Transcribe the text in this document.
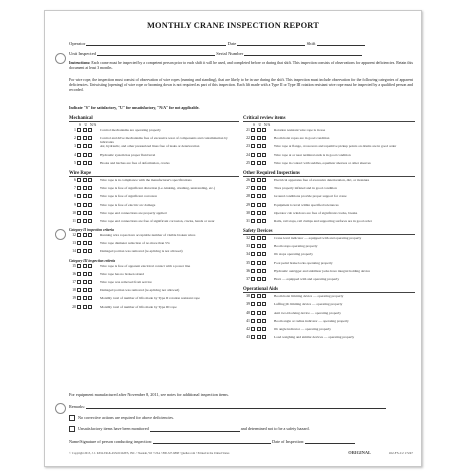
MONTHLY CRANE INSPECTION REPORT
Operator	Date	Shift
Unit Inspected	Serial Number
Instructions: Each crane must be inspected by a competent person prior to each shift it will be used, and completed before or during that shift. This inspection consists of observations for apparent deficiencies. Retain this document at least 3 months.
For wire rope, the inspection must consist of observation of wire ropes (running and standing), that are likely to be in use during the shift. This inspection must include observation for the following categories of apparent deficiencies. Untwisting (opening) of wire rope or booming down is not required as part of this inspection. Each lift made with a Type II or Type III rotation resistant wire rope must be inspected by a qualified person and recorded.
Indicate "S" for satisfactory, "U" for unsatisfactory, "N/A" for not applicable.
Mechanical
S U N/A
1	Control mechanisms are operating properly
2	Control and drive mechanisms free of excessive wear of components and contamination by lubricants
3	Air, hydraulic, and other pressurized lines free of leaks or deterioration
4	Hydraulic system has proper fluid level
5	Hooks and latches are free of deformation, cracks
Wire Rope
6	Wire rope is in compliance with the manufacturer's specifications
7	Wire rope is free of significant distortion (i.e. kinking, crushing, unstranding, etc.)
8	Wire rope is free of significant corrosion
9	Wire rope is free of electric arc damage
10	Wire rope end connections are properly applied
11	Wire rope end connections are free of significant corrosion, cracks, bends or wear
Category II inspection criteria
12	Running wire ropes have acceptable number of visible broken wires
13	Wire rope diameter reduction of no more than 5%
14	Damaged portion was removed (re-splicing is not allowed)
Category III inspection criteria
15	Wire rope is free of apparent electrical contact with a power line
16	Wire rope has no broken strand
17	Wire rope was removed from service
18	Damaged portion was removed (re-splicing not allowed)
19	Monthly total of number of lifts made by Type II rotation resistant rope
20	Monthly total of number of lifts made by Type III rope
Critical review items
S U N/A
21	Rotation resistant wire rope is in use
22	Boom hoist ropes are in good condition
23	Wire rope at flange, crossovers and repetitive pickup points on drums are in good order
24	Wire rope at or near terminal ends is in good condition
25	Wire rope in contact with saddles, equalizer sheaves or other sheaves
Other Required Inspections
26	Electrical apparatus free of excessive deterioration, dirt, or moisture
27	Tires properly inflated and in good condition
28	Ground conditions provide proper support for crane
29	Equipment is level within specified tolerances
30	Operator cab windows are free of significant cracks, breaks
31	Rails, rail stops, rail clamps and supporting surfaces are in good order
Safety Devices
32	Crane level indicator — equipped with and operating properly
33	Boom stops operating properly
34	Jib stops operating properly
35	Foot pedal brake locks operating properly
36	Hydraulic outrigger and stabilizer jacks have integral holding device
37	Horn — equipped with and operating properly
Operational Aids
38	Boom hoist limiting device — operating properly
39	Luffing jib limiting device — operating properly
40	Anti two-blocking device — operating properly
41	Boom angle or radius indicator — operating properly
42	Jib angle indicator — operating properly
43	Load weighing and similar devices — operating properly
For equipment manufactured after November 8, 2011, see notes for additional inspection items.
Remarks:
No corrective actions are required for above deficiencies.
Unsatisfactory items have been monitored	and determined not to be a safety hazard.
Name/Signature of person conducting inspection:	Date of Inspection:
© Copyright 2013, J. J. KELLER & ASSOCIATES, INC. • Neenah, WI • USA • 800-327-6868 • jjkeller.com • Printed in the United States	ORIGINAL	162-FS-C2 17247
